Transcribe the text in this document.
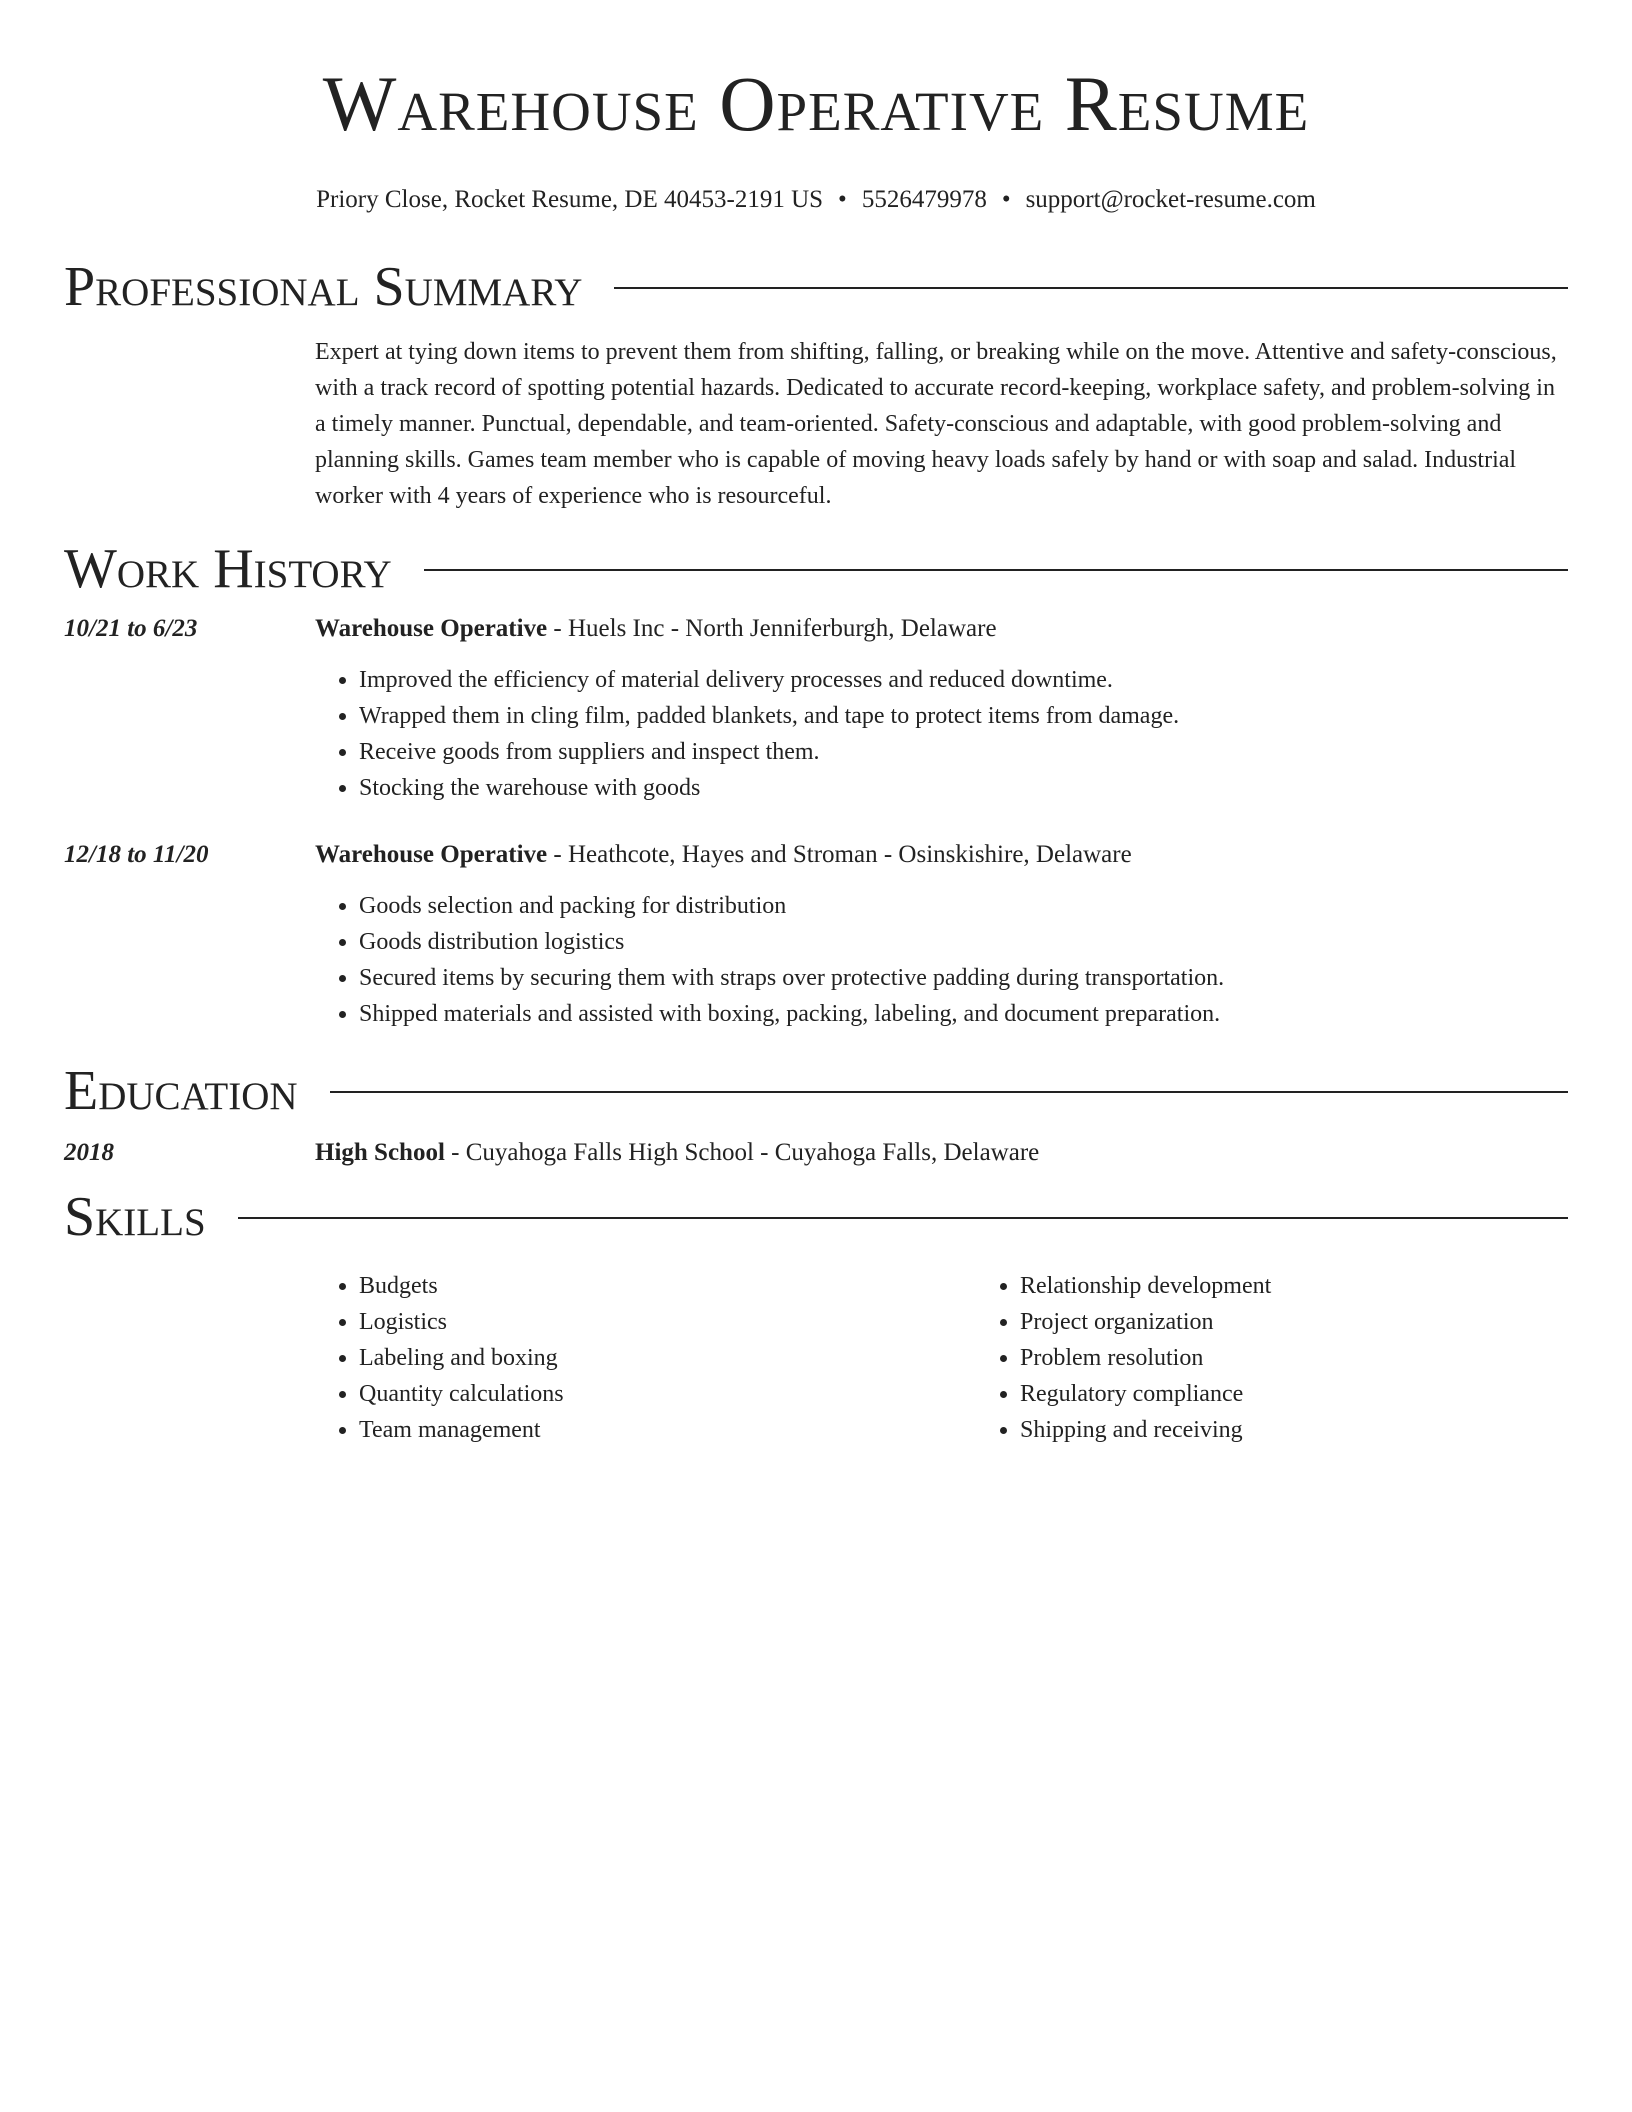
Warehouse Operative Resume
Priory Close, Rocket Resume, DE 40453-2191 US • 5526479978 • support@rocket-resume.com
Professional Summary

Expert at tying down items to prevent them from shifting, falling, or breaking while on the move. Attentive and safety-conscious, with a track record of spotting potential hazards. Dedicated to accurate record-keeping, workplace safety, and problem-solving in a timely manner. Punctual, dependable, and team-oriented. Safety-conscious and adaptable, with good problem-solving and planning skills. Games team member who is capable of moving heavy loads safely by hand or with soap and salad. Industrial worker with 4 years of experience who is resourceful.

Work History
10/21 to 6/23	Warehouse Operative - Huels Inc - North Jenniferburgh, Delaware
• Improved the efficiency of material delivery processes and reduced downtime.
• Wrapped them in cling film, padded blankets, and tape to protect items from damage.
• Receive goods from suppliers and inspect them.
• Stocking the warehouse with goods
12/18 to 11/20	Warehouse Operative - Heathcote, Hayes and Stroman - Osinskishire, Delaware
• Goods selection and packing for distribution
• Goods distribution logistics
• Secured items by securing them with straps over protective padding during transportation.
• Shipped materials and assisted with boxing, packing, labeling, and document preparation.
Education
2018	High School - Cuyahoga Falls High School - Cuyahoga Falls, Delaware
Skills
• Budgets
• Logistics
• Labeling and boxing
• Quantity calculations
• Team management
• Relationship development
• Project organization
• Problem resolution
• Regulatory compliance
• Shipping and receiving
